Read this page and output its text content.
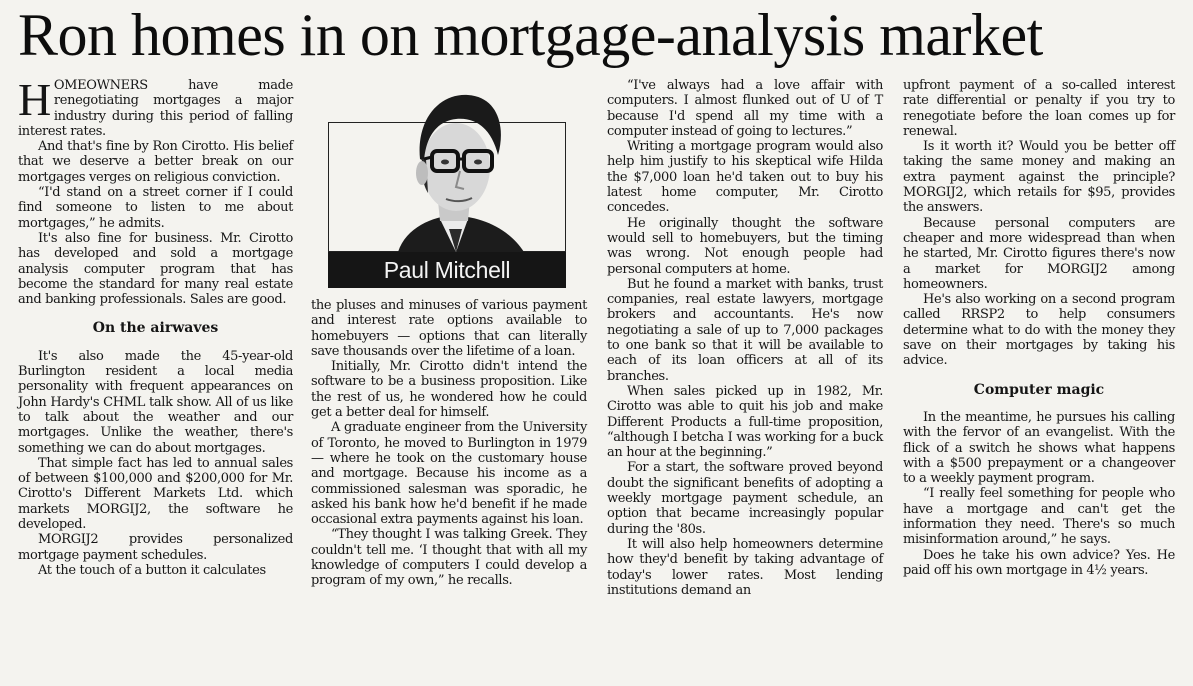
Ron homes in on mortgage-analysis market

HOMEOWNERS have made renegotiating mortgages a major industry during this period of falling interest rates.

And that's fine by Ron Cirotto. His belief that we deserve a better break on our mortgages verges on religious conviction.

“I'd stand on a street corner if I could find someone to listen to me about mortgages,” he admits.

It's also fine for business. Mr. Cirotto has developed and sold a mortgage analysis computer program that has become the standard for many real estate and banking professionals. Sales are good.

On the airwaves

It's also made the 45-year-old Burlington resident a local media personality with frequent appearances on John Hardy's CHML talk show. All of us like to talk about the weather and our mortgages. Unlike the weather, there's something we can do about mortgages.

That simple fact has led to annual sales of between $100,000 and $200,000 for Mr. Cirotto's Different Markets Ltd. which markets MORGIJ2, the software he developed.

MORGIJ2 provides personalized mortgage payment schedules.

At the touch of a button it calculates

Paul Mitchell

the pluses and minuses of various payment and interest rate options available to homebuyers — options that can literally save thousands over the lifetime of a loan.

Initially, Mr. Cirotto didn't intend the software to be a business proposition. Like the rest of us, he wondered how he could get a better deal for himself.

A graduate engineer from the University of Toronto, he moved to Burlington in 1979 — where he took on the customary house and mortgage. Because his income as a commissioned salesman was sporadic, he asked his bank how he'd benefit if he made occasional extra payments against his loan.

“They thought I was talking Greek. They couldn't tell me. ‘I thought that with all my knowledge of computers I could develop a program of my own,” he recalls.

“I've always had a love affair with computers. I almost flunked out of U of T because I'd spend all my time with a computer instead of going to lectures.”

Writing a mortgage program would also help him justify to his skeptical wife Hilda the $7,000 loan he'd taken out to buy his latest home computer, Mr. Cirotto concedes.

He originally thought the software would sell to homebuyers, but the timing was wrong. Not enough people had personal computers at home.

But he found a market with banks, trust companies, real estate lawyers, mortgage brokers and accountants. He's now negotiating a sale of up to 7,000 packages to one bank so that it will be available to each of its loan officers at all of its branches.

When sales picked up in 1982, Mr. Cirotto was able to quit his job and make Different Products a full-time proposition, “although I betcha I was working for a buck an hour at the beginning.”

For a start, the software proved beyond doubt the significant benefits of adopting a weekly mortgage payment schedule, an option that became increasingly popular during the '80s.

It will also help homeowners determine how they'd benefit by taking advantage of today's lower rates. Most lending institutions demand an

upfront payment of a so-called interest rate differential or penalty if you try to renegotiate before the loan comes up for renewal.

Is it worth it? Would you be better off taking the same money and making an extra payment against the principle? MORGIJ2, which retails for $95, provides the answers.

Because personal computers are cheaper and more widespread than when he started, Mr. Cirotto figures there's now a market for MORGIJ2 among homeowners.

He's also working on a second program called RRSP2 to help consumers determine what to do with the money they save on their mortgages by taking his advice.

Computer magic

In the meantime, he pursues his calling with the fervor of an evangelist. With the flick of a switch he shows what happens with a $500 prepayment or a changeover to a weekly payment program.

“I really feel something for people who have a mortgage and can't get the information they need. There's so much misinformation around,” he says.

Does he take his own advice? Yes. He paid off his own mortgage in 4½ years.
